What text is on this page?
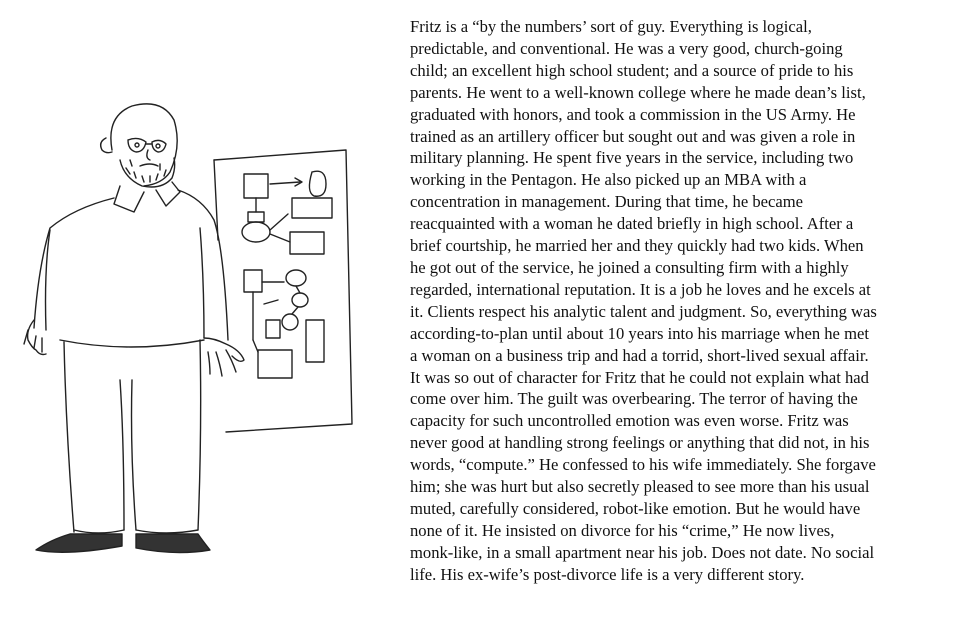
Fritz is a “by the numbers’ sort of guy. Everything is logical,
predictable, and conventional. He was a very good, church-going
child; an excellent high school student; and a source of pride to his
parents. He went to a well-known college where he made dean’s list,
graduated with honors, and took a commission in the US Army. He
trained as an artillery officer but sought out and was given a role in
military planning. He spent five years in the service, including two
working in the Pentagon. He also picked up an MBA with a
concentration in management. During that time, he became
reacquainted with a woman he dated briefly in high school. After a
brief courtship, he married her and they quickly had two kids. When
he got out of the service, he joined a consulting firm with a highly
regarded, international reputation. It is a job he loves and he excels at
it. Clients respect his analytic talent and judgment. So, everything was
according-to-plan until about 10 years into his marriage when he met
a woman on a business trip and had a torrid, short-lived sexual affair.
It was so out of character for Fritz that he could not explain what had
come over him. The guilt was overbearing. The terror of having the
capacity for such uncontrolled emotion was even worse. Fritz was
never good at handling strong feelings or anything that did not, in his
words, “compute.” He confessed to his wife immediately. She forgave
him; she was hurt but also secretly pleased to see more than his usual
muted, carefully considered, robot-like emotion. But he would have
none of it. He insisted on divorce for his “crime,” He now lives,
monk-like, in a small apartment near his job. Does not date. No social
life. His ex-wife’s post-divorce life is a very different story.
